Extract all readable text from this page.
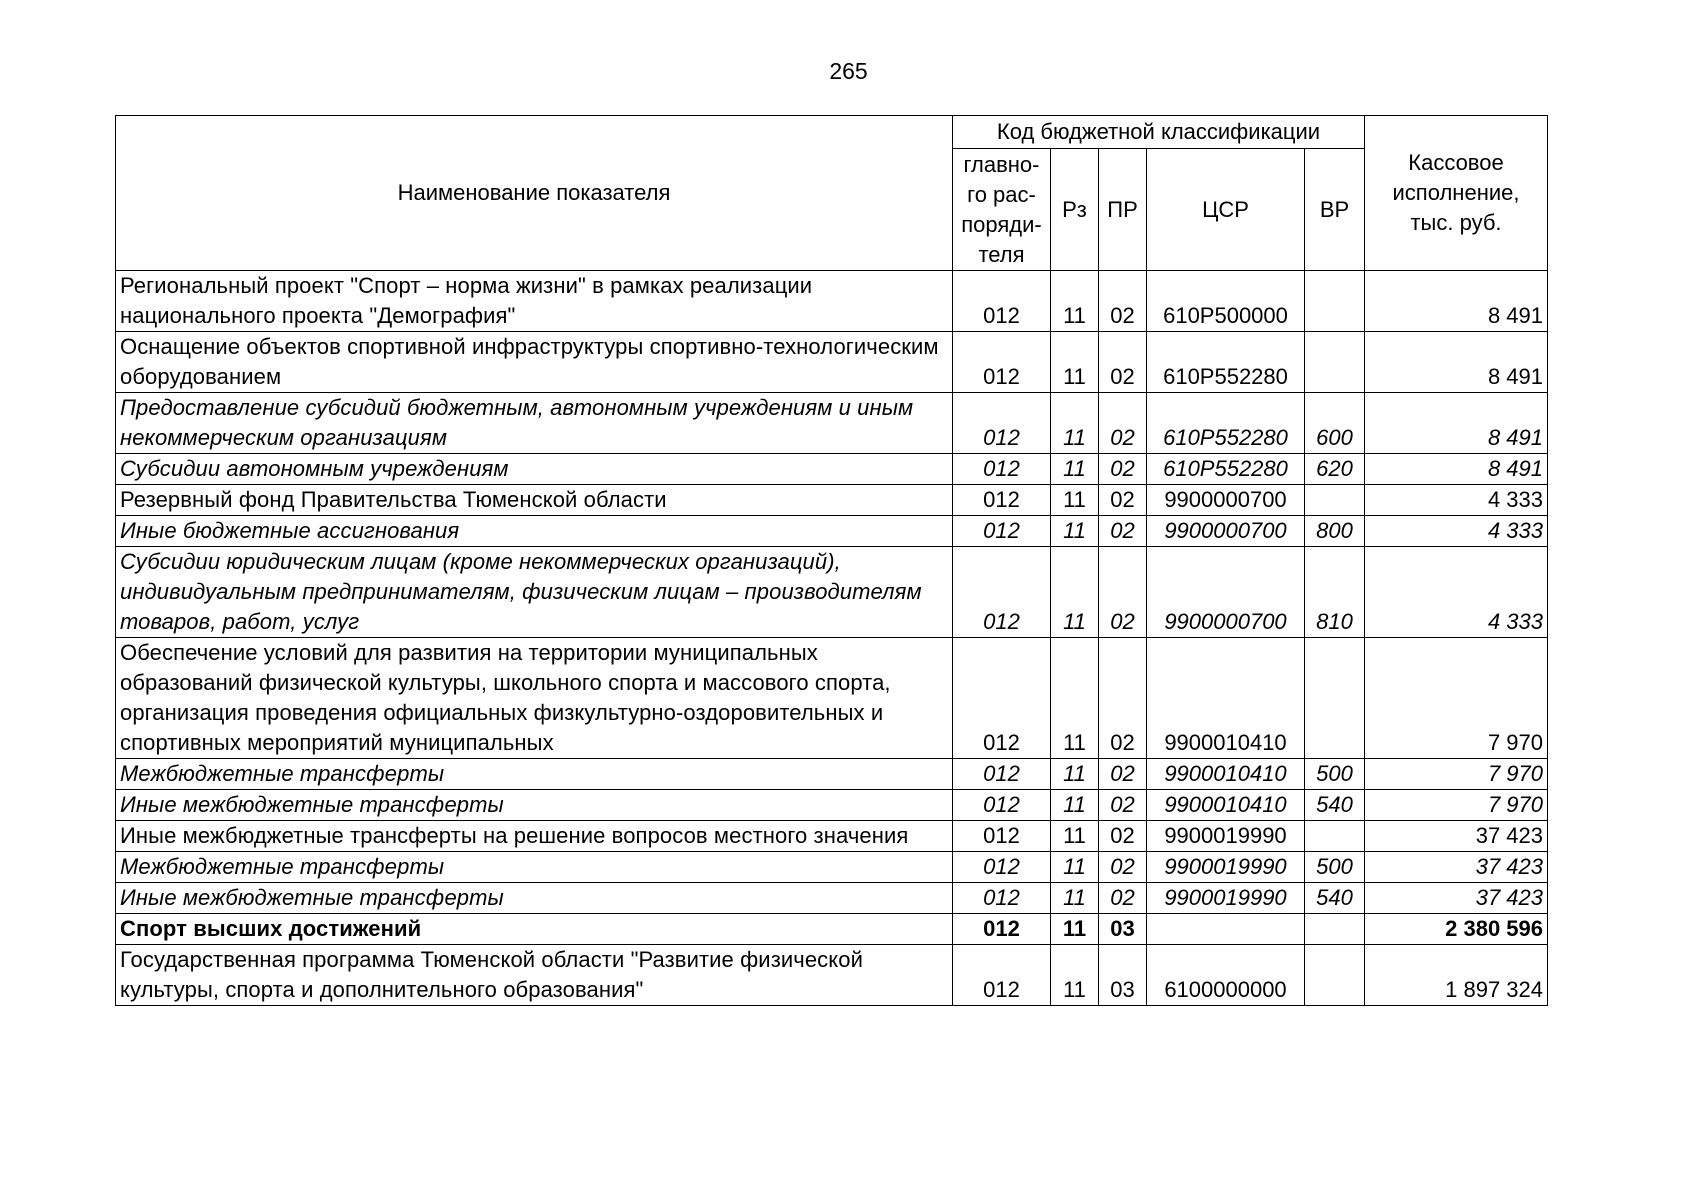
265
Наименование показателя	Код бюджетной классификации					Кассовое исполнение, тыс. руб.
	главно-го рас-поряди-теля	Рз	ПР	ЦСР	ВР	
Региональный проект "Спорт – норма жизни" в рамках реализации национального проекта "Демография"	012	11	02	610P500000		8 491
Оснащение объектов спортивной инфраструктуры спортивно-технологическим оборудованием	012	11	02	610P552280		8 491
Предоставление субсидий бюджетным, автономным учреждениям и иным некоммерческим организациям	012	11	02	610P552280	600	8 491
Субсидии автономным учреждениям	012	11	02	610P552280	620	8 491
Резервный фонд Правительства Тюменской области	012	11	02	9900000700		4 333
Иные бюджетные ассигнования	012	11	02	9900000700	800	4 333
Субсидии юридическим лицам (кроме некоммерческих организаций), индивидуальным предпринимателям, физическим лицам – производителям товаров, работ, услуг	012	11	02	9900000700	810	4 333
Обеспечение условий для развития на территории муниципальных образований физической культуры, школьного спорта и массового спорта, организация проведения официальных физкультурно-оздоровительных и спортивных мероприятий муниципальных	012	11	02	9900010410		7 970
Межбюджетные трансферты	012	11	02	9900010410	500	7 970
Иные межбюджетные трансферты	012	11	02	9900010410	540	7 970
Иные межбюджетные трансферты на решение вопросов местного значения	012	11	02	9900019990		37 423
Межбюджетные трансферты	012	11	02	9900019990	500	37 423
Иные межбюджетные трансферты	012	11	02	9900019990	540	37 423
Спорт высших достижений	012	11	03			2 380 596
Государственная программа Тюменской области "Развитие физической культуры, спорта и дополнительного образования"	012	11	03	6100000000		1 897 324
